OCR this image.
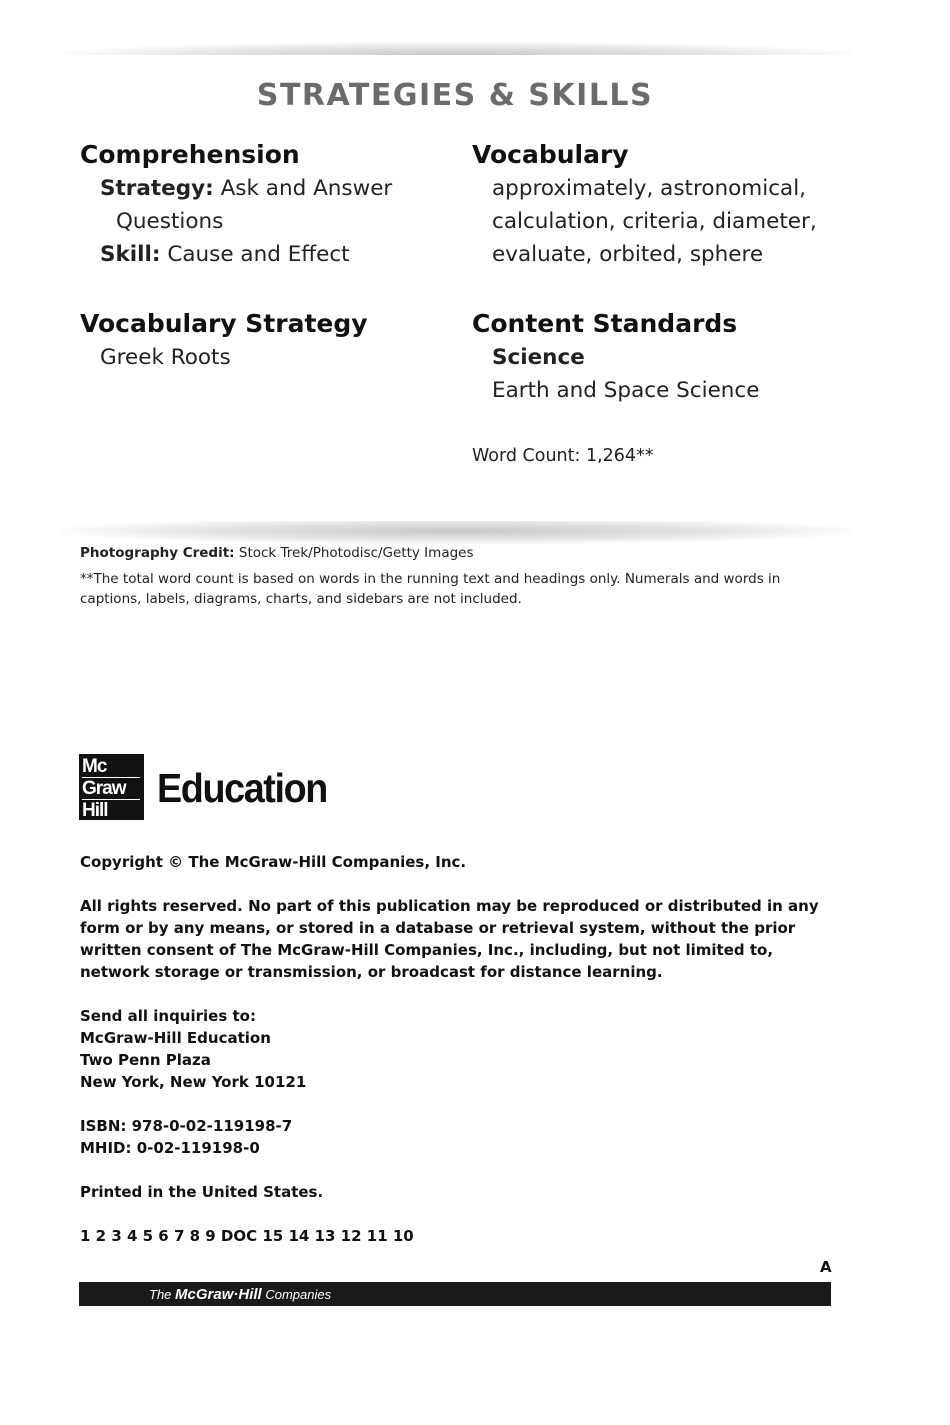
STRATEGIES & SKILLS
Comprehension
Strategy: Ask and Answer
Questions
Skill: Cause and Effect
Vocabulary
approximately, astronomical,
calculation, criteria, diameter,
evaluate, orbited, sphere
Vocabulary Strategy
Greek Roots
Content Standards
Science
Earth and Space Science
Word Count: 1,264**
Photography Credit: Stock Trek/Photodisc/Getty Images
**The total word count is based on words in the running text and headings only. Numerals and words in captions, labels, diagrams, charts, and sidebars are not included.
Mc
Graw
Hill	Education
Copyright © The McGraw-Hill Companies, Inc.
All rights reserved. No part of this publication may be reproduced or distributed in any form or by any means, or stored in a database or retrieval system, without the prior written consent of The McGraw-Hill Companies, Inc., including, but not limited to, network storage or transmission, or broadcast for distance learning.
Send all inquiries to:
McGraw-Hill Education
Two Penn Plaza
New York, New York 10121
ISBN: 978-0-02-119198-7
MHID: 0-02-119198-0
Printed in the United States.
1 2 3 4 5 6 7 8 9 DOC 15 14 13 12 11 10
A
The McGraw·Hill Companies
